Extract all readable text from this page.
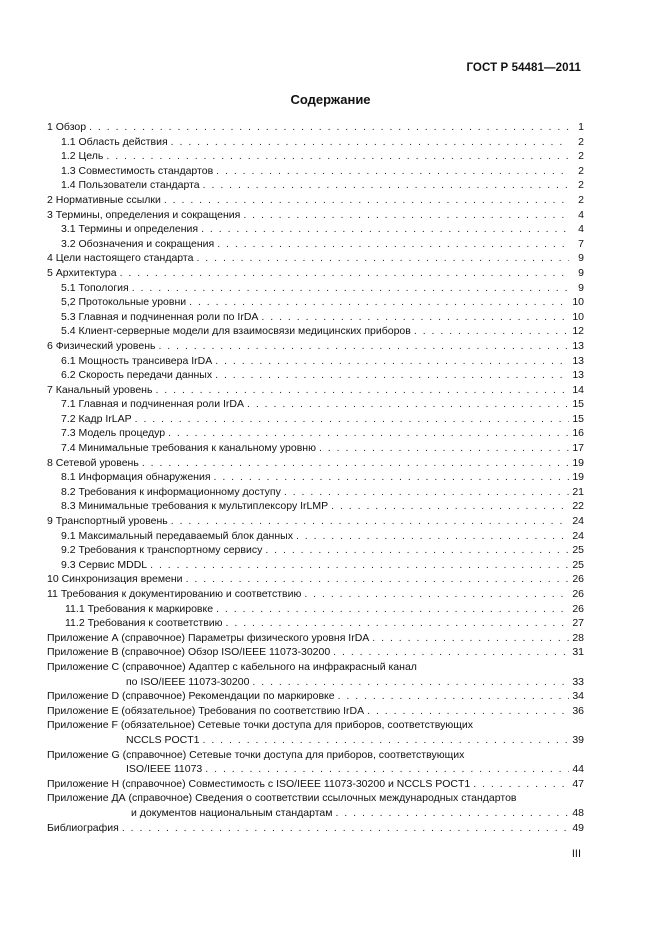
ГОСТ Р 54481—2011
Содержание
1 Обзор . . .	1
1.1 Область действия . . .	2
1.2 Цель . . .	2
1.3 Совместимость стандартов . . .	2
1.4 Пользователи стандарта . . .	2
2 Нормативные ссылки . . .	2
3 Термины, определения и сокращения . . .	4
3.1 Термины и определения . . .	4
3.2 Обозначения и сокращения . . .	7
4 Цели настоящего стандарта . . .	9
5 Архитектура . . .	9
5.1 Топология . . .	9
5,2 Протокольные уровни . . .	10
5.3 Главная и подчиненная роли по IrDA . . .	10
5.4 Клиент-серверные модели для взаимосвязи медицинских приборов . . .	12
6 Физический уровень . . .	13
6.1 Мощность трансивера IrDA . . .	13
6.2 Скорость передачи данных . . .	13
7 Канальный уровень . . .	14
7.1 Главная и подчиненная роли IrDA . . .	15
7.2 Кадр IrLAP . . .	15
7.3 Модель процедур . . .	16
7.4 Минимальные требования к канальному уровню . . .	17
8 Сетевой уровень . . .	19
8.1 Информация обнаружения . . .	19
8.2 Требования к информационному доступу . . .	21
8.3 Минимальные требования к мультиплексору IrLMP . . .	22
9 Транспортный уровень . . .	24
9.1 Максимальный передаваемый блок данных . . .	24
9.2 Требования к транспортному сервису . . .	25
9.3 Сервис MDDL . . .	25
10 Синхронизация времени . . .	26
11 Требования к документированию и соответствию . . .	26
11.1 Требования к маркировке . . .	26
11.2 Требования к соответствию . . .	27
Приложение А (справочное) Параметры физического уровня IrDA . . .	28
Приложение В (справочное) Обзор ISO/IEEE 11073-30200 . . .	31
Приложение С (справочное) Адаптер с кабельного на инфракрасный канал
по ISO/IEEE 11073-30200 . . .	33
Приложение D (справочное) Рекомендации по маркировке . . .	34
Приложение Е (обязательное) Требования по соответствию IrDA . . .	36
Приложение F (обязательное) Сетевые точки доступа для приборов, соответствующих
NCCLS POCT1 . . .	39
Приложение G (справочное) Сетевые точки доступа для приборов, соответствующих
ISO/IEEE 11073 . . .	44
Приложение Н (справочное) Совместимость с ISO/IEEE 11073-30200 и NCCLS POCT1 . . .	47
Приложение ДА (справочное) Сведения о соответствии ссылочных международных стандартов
и документов национальным стандартам . . .	48
Библиография . . .	49
III
